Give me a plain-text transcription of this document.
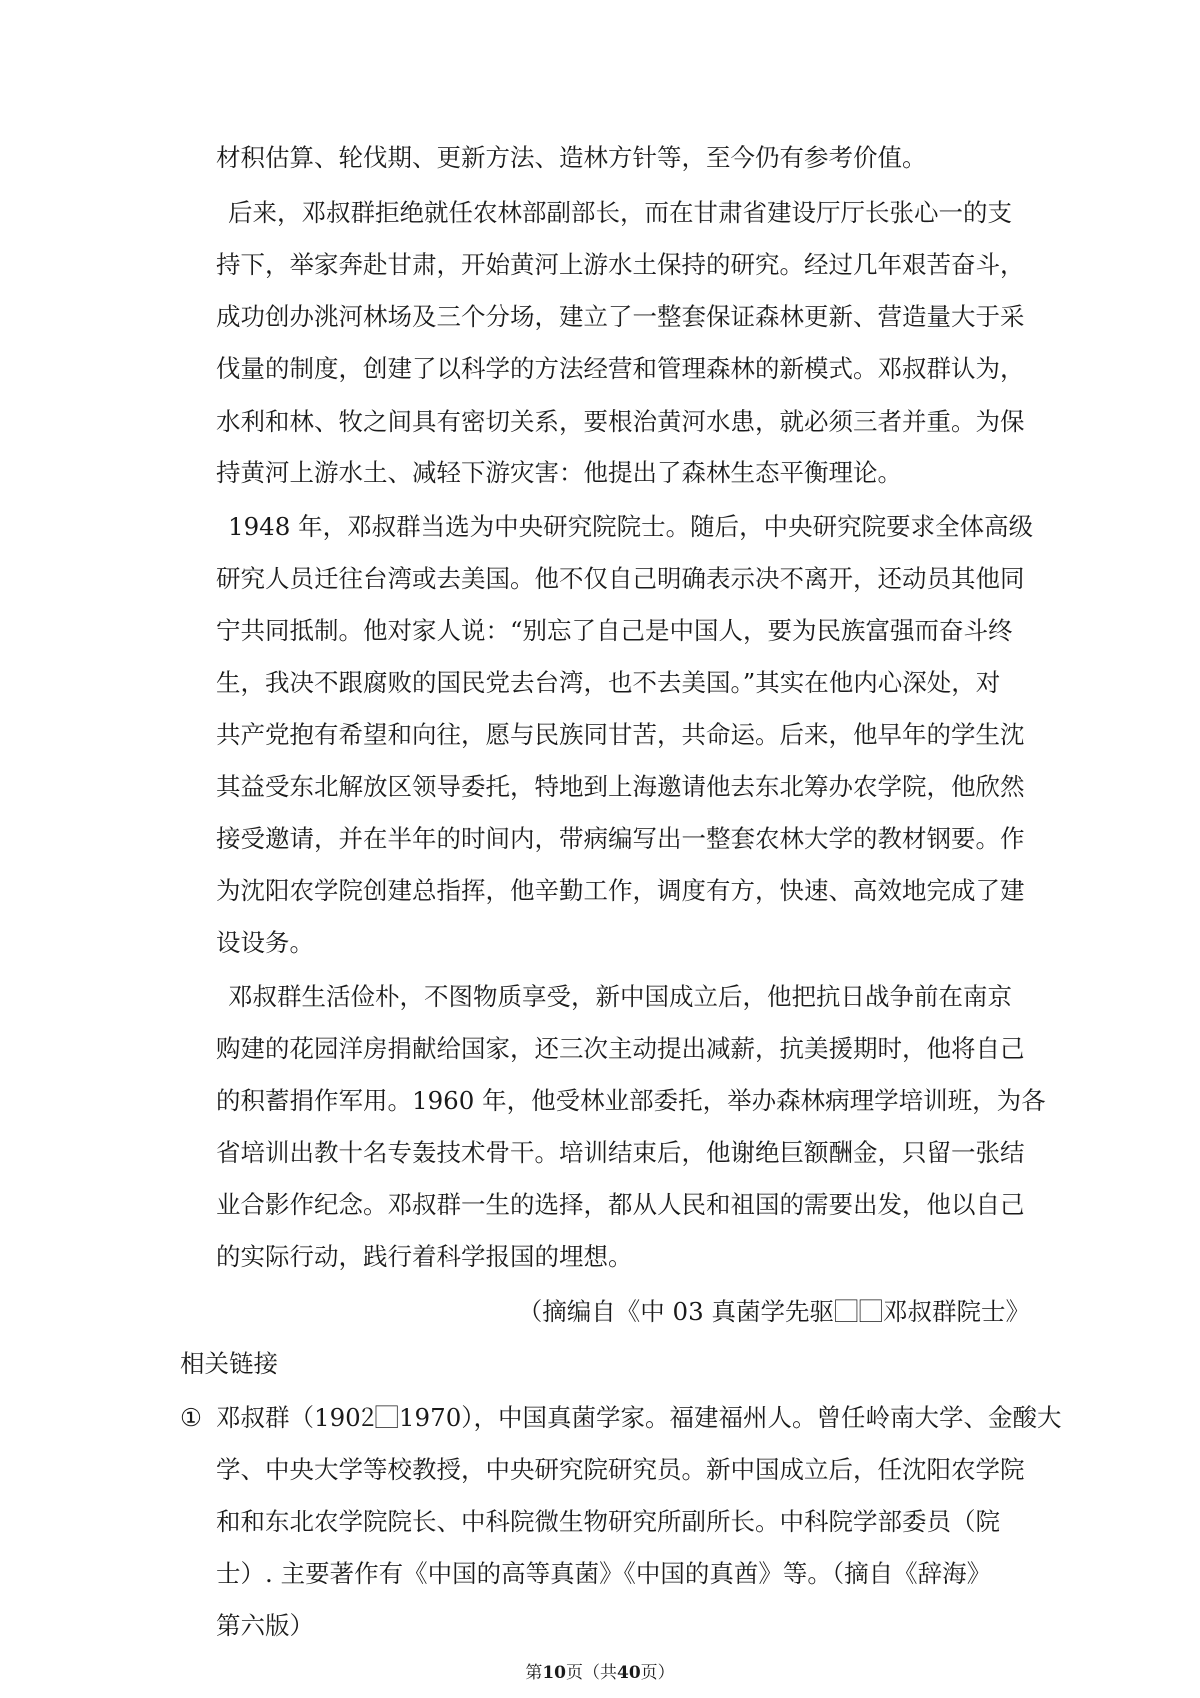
材积估算、轮伐期、更新方法、造林方针等，至今仍有参考价值。
后来，邓叔群拒绝就任农林部副部长，而在甘肃省建设厅厅长张心一的支
持下，举家奔赴甘肃，开始黄河上游水土保持的研究。经过几年艰苦奋斗，
成功创办洮河林场及三个分场，建立了一整套保证森林更新、营造量大于采
伐量的制度，创建了以科学的方法经营和管理森林的新模式。邓叔群认为，
水利和林、牧之间具有密切关系，要根治黄河水患，就必须三者并重。为保
持黄河上游水土、减轻下游灾害：他提出了森林生态平衡理论。
1948 年，邓叔群当选为中央研究院院士。随后，中央研究院要求全体高级
研究人员迁往台湾或去美国。他不仅自己明确表示决不离开，还动员其他同
宁共同抵制。他对家人说：“别忘了自己是中国人，要为民族富强而奋斗终
生，我决不跟腐败的国民党去台湾，也不去美国。”其实在他内心深处，对
共产党抱有希望和向往，愿与民族同甘苦，共命运。后来，他早年的学生沈
其益受东北解放区领导委托，特地到上海邀请他去东北筹办农学院，他欣然
接受邀请，并在半年的时间内，带病编写出一整套农林大学的教材钢要。作
为沈阳农学院创建总指挥，他辛勤工作，调度有方，快速、高效地完成了建
设设务。
邓叔群生活俭朴，不图物质享受，新中国成立后，他把抗日战争前在南京
购建的花园洋房捐献给国家，还三次主动提出减薪，抗美援期时，他将自己
的积蓄捐作军用。1960 年，他受林业部委托，举办森林病理学培训班，为各
省培训出教十名专轰技术骨干。培训结束后，他谢绝巨额酬金，只留一张结
业合影作纪念。邓叔群一生的选择，都从人民和祖国的需要出发，他以自己
的实际行动，践行着科学报国的埋想。
（摘编自《中 03 真菌学先驱⃞⃞邓叔群院士》
相关链接
① 邓叔群（1902⃞1970），中国真菌学家。福建福州人。曾任岭南大学、金酸大
学、中央大学等校教授，中央研究院研究员。新中国成立后，任沈阳农学院
和和东北农学院院长、中科院微生物研究所副所长。中科院学部委员（院
第10页（共40页）
士）. 主要著作有《中国的高等真菌》《中国的真酋》等。（摘自《辞海》
第六版）
